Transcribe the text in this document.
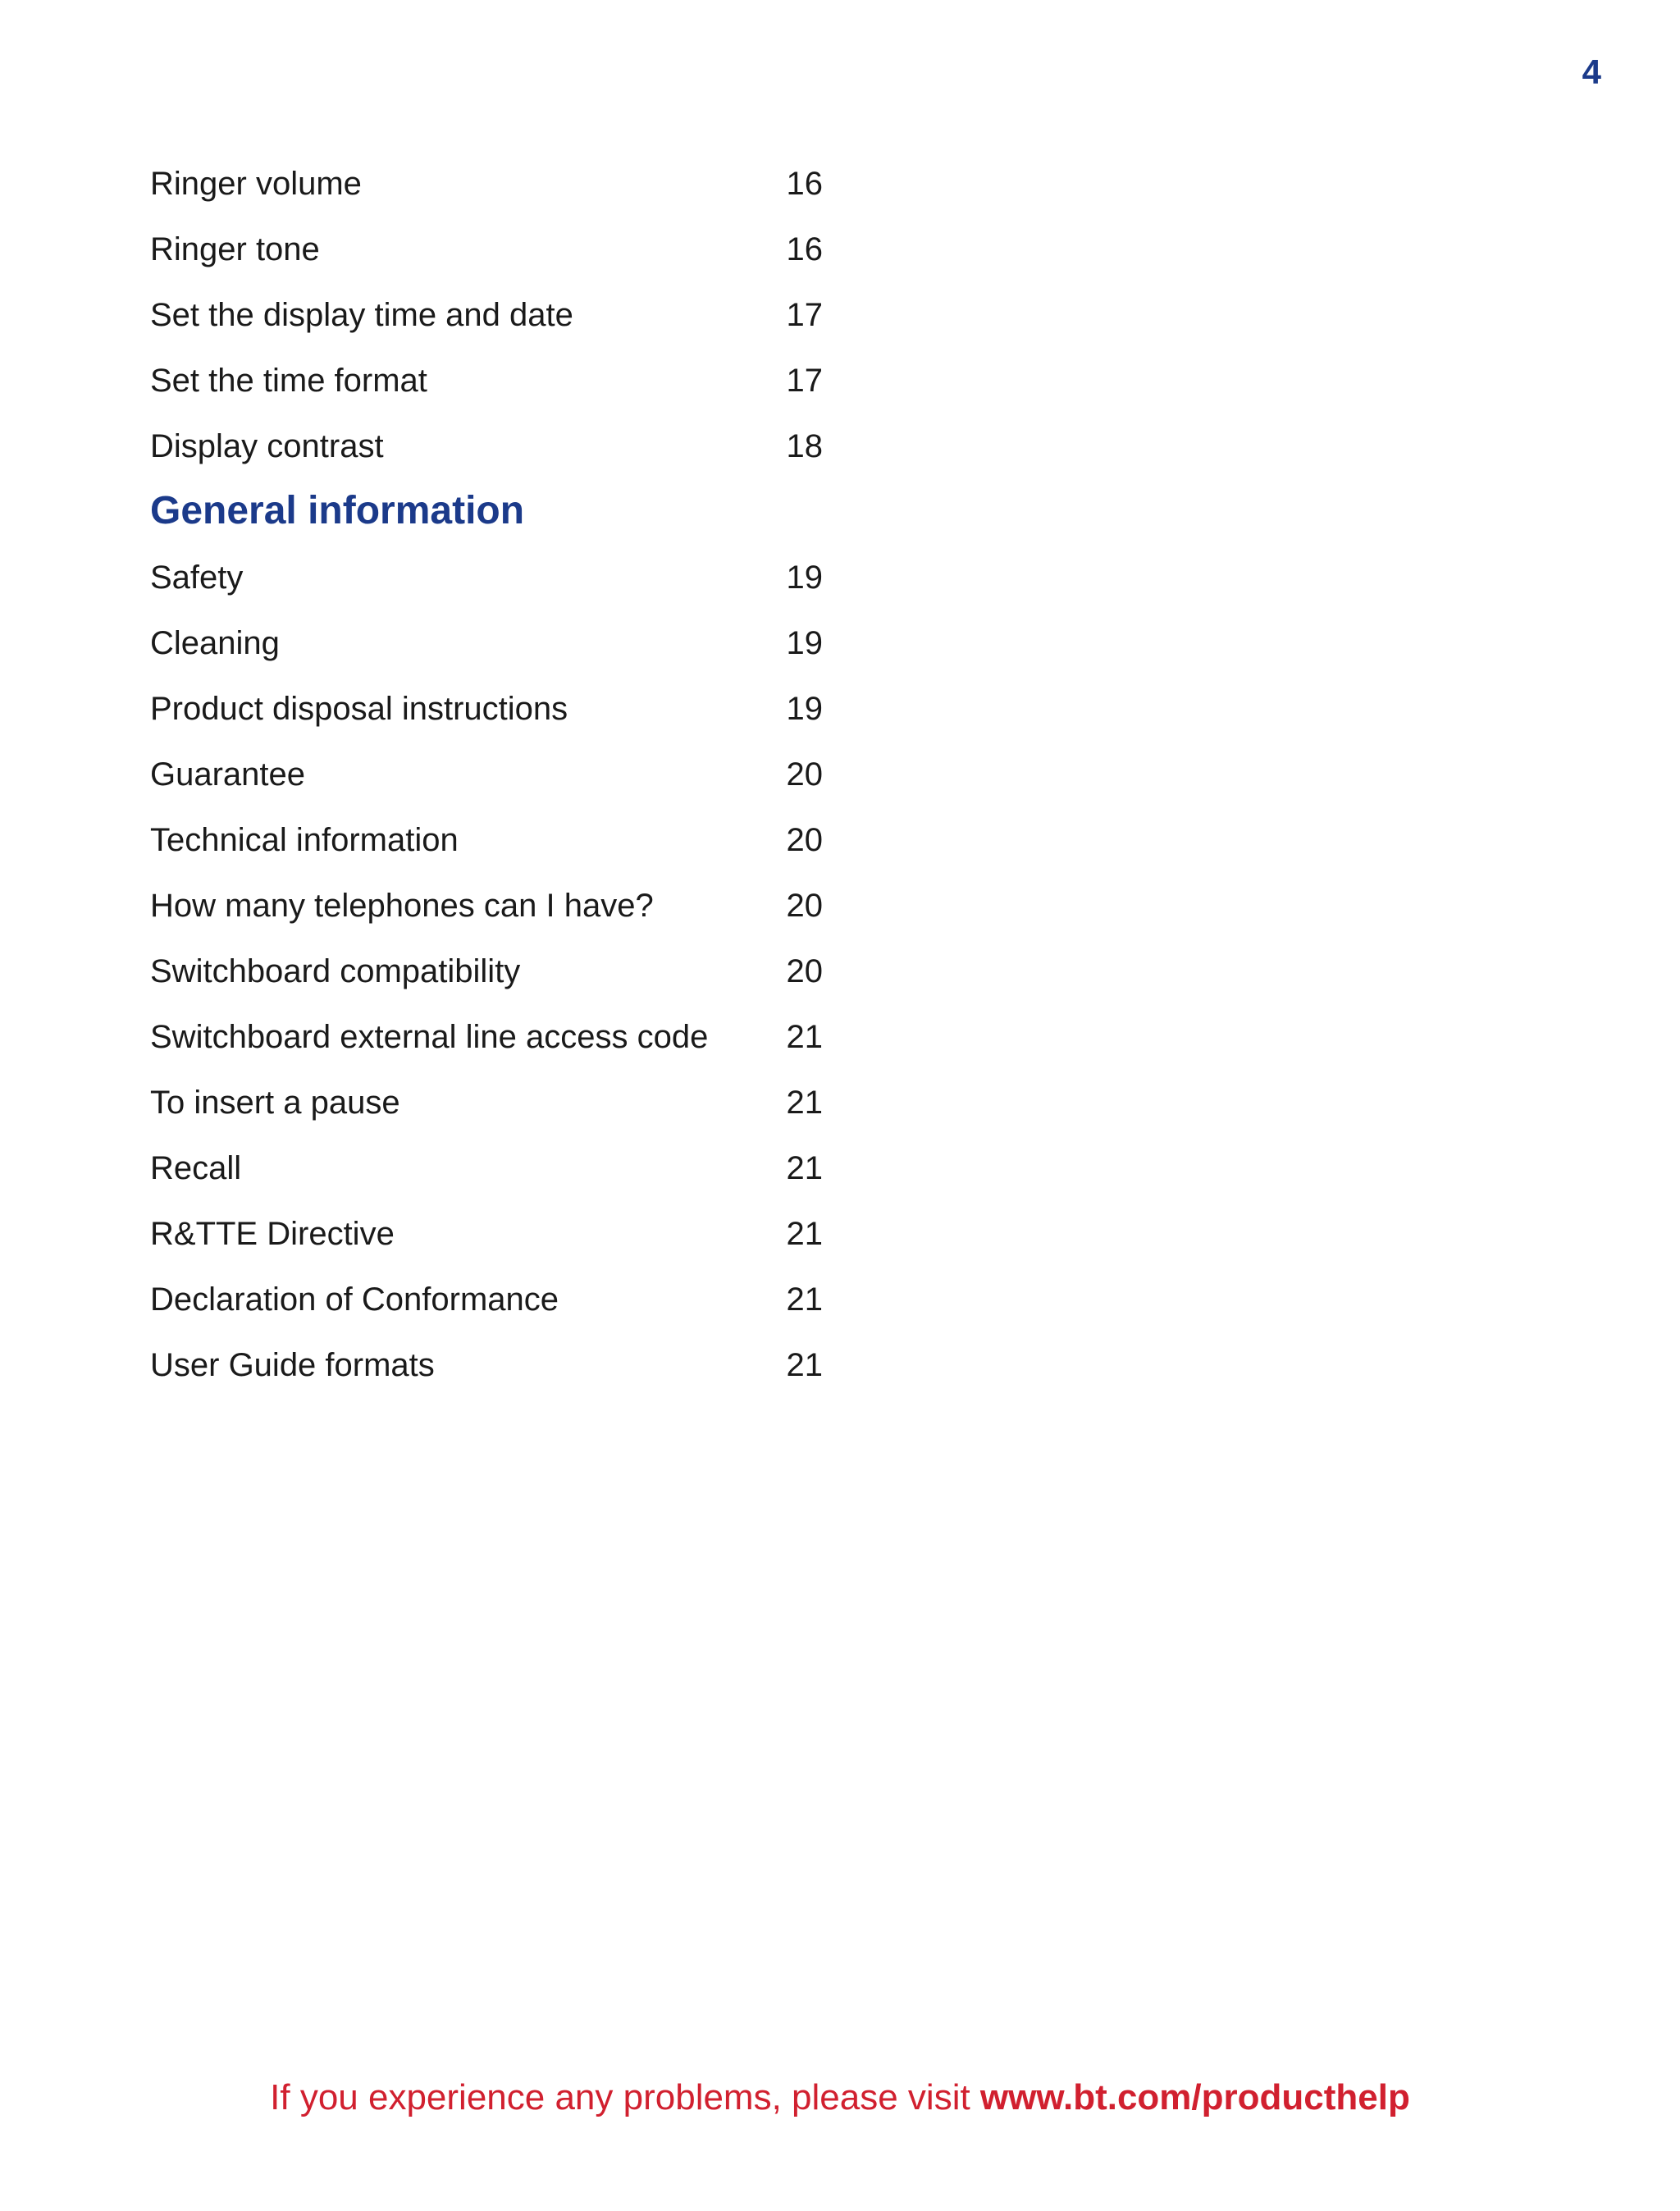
4
Ringer volume	16
Ringer tone	16
Set the display time and date	17
Set the time format	17
Display contrast	18
General information
Safety	19
Cleaning	19
Product disposal instructions	19
Guarantee	20
Technical information	20
How many telephones can I have?	20
Switchboard compatibility	20
Switchboard external line access code	21
To insert a pause	21
Recall	21
R&TTE Directive	21
Declaration of Conformance	21
User Guide formats	21
If you experience any problems, please visit www.bt.com/producthelp
